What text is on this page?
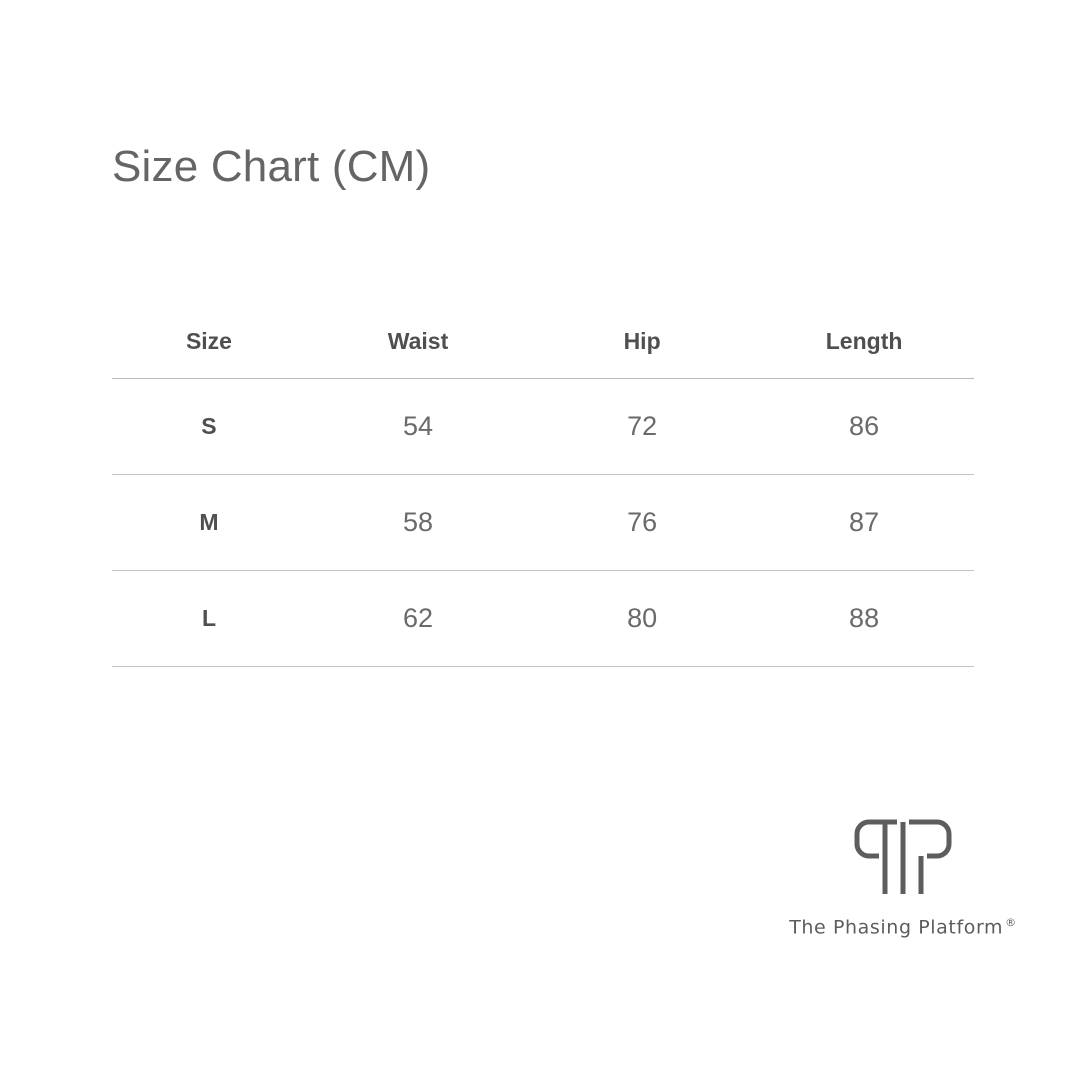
Size Chart (CM)
Size	Waist	Hip	Length
S	54	72	86
M	58	76	87
L	62	80	88
The Phasing Platform ®
